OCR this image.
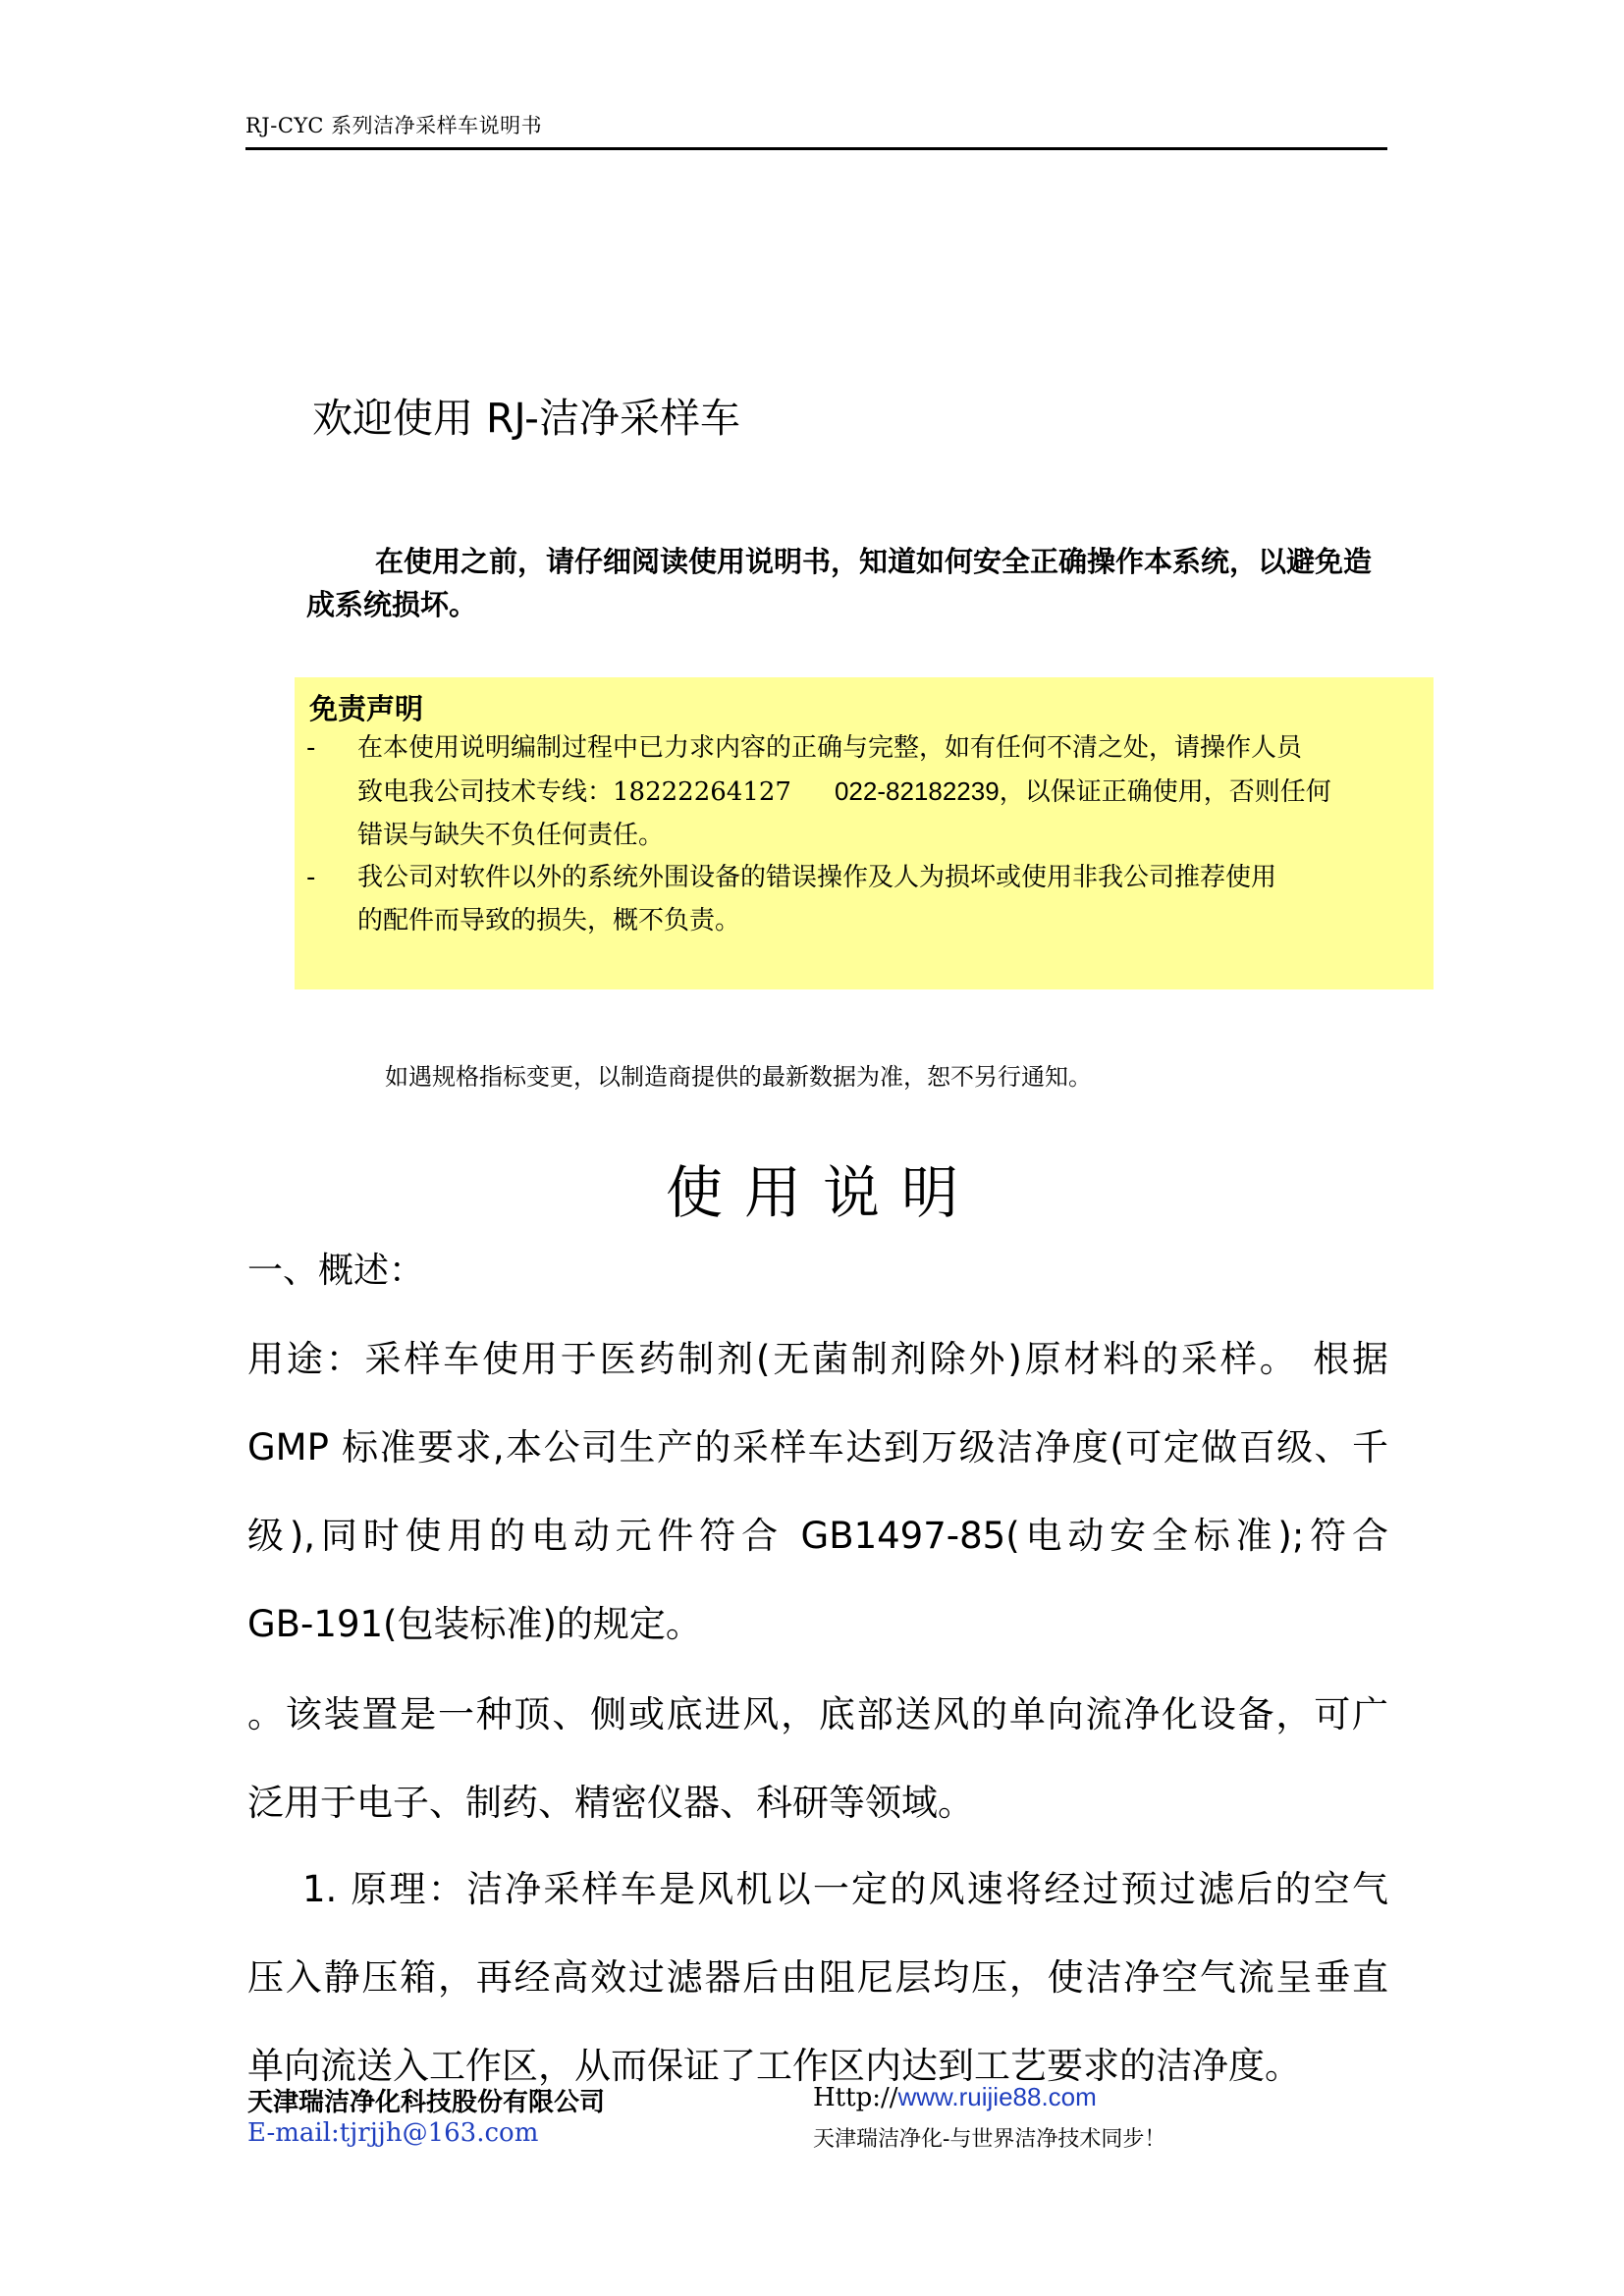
RJ-CYC 系列洁净采样车说明书
欢迎使用 RJ-洁净采样车
在使用之前，请仔细阅读使用说明书，知道如何安全正确操作本系统，以避免造成系统损坏。
免责声明
- 在本使用说明编制过程中已力求内容的正确与完整，如有任何不清之处，请操作人员
致电我公司技术专线：18222264127 022-82182239，以保证正确使用，否则任何
错误与缺失不负任何责任。
- 我公司对软件以外的系统外围设备的错误操作及人为损坏或使用非我公司推荐使用
的配件而导致的损失，概不负责。
如遇规格指标变更，以制造商提供的最新数据为准，恕不另行通知。
使用说明
一、概述：
用途：采样车使用于医药制剂(无菌制剂除外)原材料的采样。 根据
GMP 标准要求,本公司生产的采样车达到万级洁净度(可定做百级、千
级),同时使用的电动元件符合 GB1497-85(电动安全标准);符合
GB-191(包装标准)的规定。
。该装置是一种顶、侧或底进风，底部送风的单向流净化设备，可广
泛用于电子、制药、精密仪器、科研等领域。
1. 原理：洁净采样车是风机以一定的风速将经过预过滤后的空气
压入静压箱，再经高效过滤器后由阻尼层均压，使洁净空气流呈垂直
单向流送入工作区，从而保证了工作区内达到工艺要求的洁净度。
天津瑞洁净化科技股份有限公司
E-mail:tjrjjh@163.com
Http://www.ruijie88.com
天津瑞洁净化-与世界洁净技术同步！
